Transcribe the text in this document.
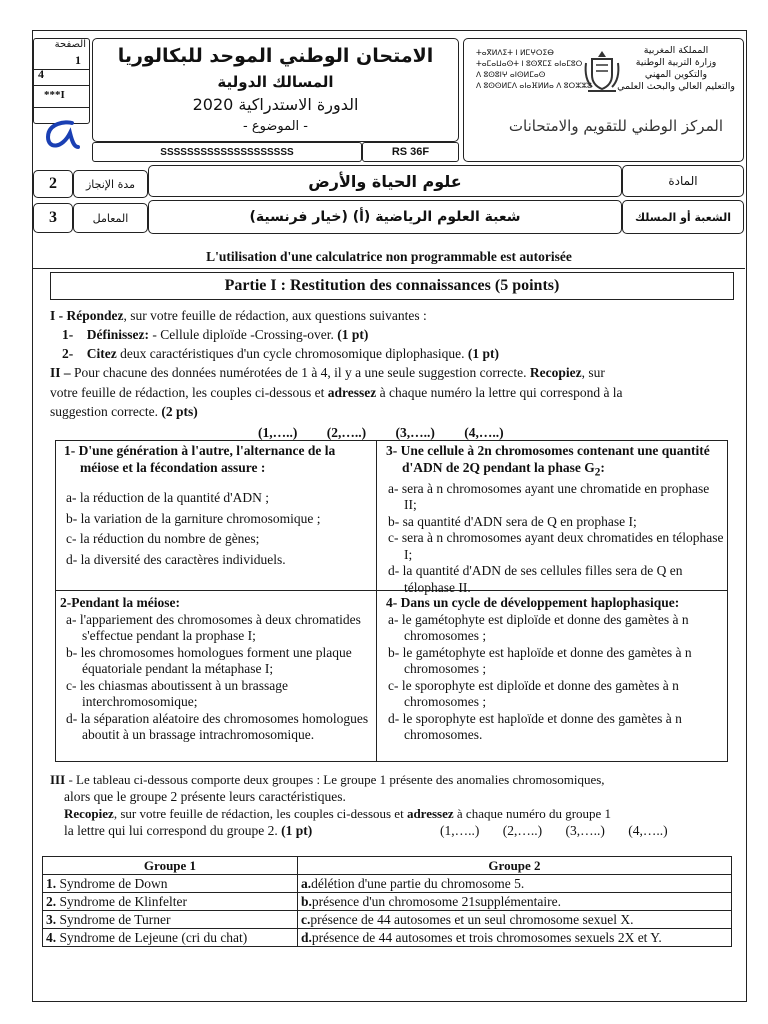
الصفحة
1
4
***I
الامتحان الوطني الموحد للبكالوريا
المسالك الدولية
الدورة الاستدراكية 2020
- الموضوع -
SSSSSSSSSSSSSSSSSSSS	RS 36F
ⵜⴰⴳⵍⴷⵉⵜ ⵏ ⵍⵎⵖⵔⵉⴱ
ⵜⴰⵎⴰⵡⴰⵙⵜ ⵏ ⵓⵙⴳⵎⵉ ⴰⵏⴰⵎⵓⵔ
ⴷ ⵓⵙⵓⵏⵖ ⴰⵏⵙⵍⵎⴰⵙ
ⴷ ⵓⵙⵙⵍⵎⴷ ⴰⵏⴰⴼⵍⵍⴰ ⴷ ⵓⵔⵣⵣⵓ
المملكة المغربية
وزارة التربية الوطنية
والتكوين المهني
والتعليم العالي والبحث العلمي
المركز الوطني للتقويم والامتحانات
2	مدة الإنجاز	علوم الحياة والأرض	المادة
3	المعامل	شعبة العلوم الرياضية (أ) (خيار فرنسية)	الشعبة أو المسلك
L'utilisation d'une calculatrice non programmable est autorisée
Partie I : Restitution des connaissances (5 points)
I - Répondez, sur votre feuille de rédaction, aux questions suivantes :
1- Définissez: - Cellule diploïde -Crossing-over. (1 pt)
2- Citez deux caractéristiques d'un cycle chromosomique diplophasique. (1 pt)
II – Pour chacune des données numérotées de 1 à 4, il y a une seule suggestion correcte. Recopiez, sur
votre feuille de rédaction, les couples ci-dessous et adressez à chaque numéro la lettre qui correspond à la
suggestion correcte. (2 pts)
(1,…..) (2,…..) (3,…..) (4,…..)

1- D'une génération à l'autre, l'alternance de la méiose et la fécondation assure :

a- la réduction de la quantité d'ADN ;

b- la variation de la garniture chromosomique ;

c- la réduction du nombre de gènes;

d- la diversité des caractères individuels.

2-Pendant la méiose:

a- l'appariement des chromosomes à deux chromatides s'effectue pendant la prophase I;

b- les chromosomes homologues forment une plaque équatoriale pendant la métaphase I;

c- les chiasmas aboutissent à un brassage interchromosomique;

d- la séparation aléatoire des chromosomes homologues aboutit à un brassage intrachromosomique.

3- Une cellule à 2n chromosomes contenant une quantité d'ADN de 2Q pendant la phase $G_2$:

a- sera à n chromosomes ayant une chromatide en prophase II;

b- sa quantité d'ADN sera de Q en prophase I;

c- sera à n chromosomes ayant deux chromatides en télophase I;

d- la quantité d'ADN de ses cellules filles sera de Q en télophase II.

4- Dans un cycle de développement haplophasique:

a- le gamétophyte est diploïde et donne des gamètes à n chromosomes ;

b- le gamétophyte est haploïde et donne des gamètes à n chromosomes ;

c- le sporophyte est diploïde et donne des gamètes à n chromosomes ;

d- le sporophyte est haploïde et donne des gamètes à n chromosomes.

III - Le tableau ci-dessous comporte deux groupes : Le groupe 1 présente des anomalies chromosomiques,
alors que le groupe 2 présente leurs caractéristiques.
Recopiez, sur votre feuille de rédaction, les couples ci-dessous et adressez à chaque numéro du groupe 1
la lettre qui lui correspond du groupe 2. (1 pt)	(1,…..) (2,…..) (3,…..) (4,…..)
Groupe 1	Groupe 2
1. Syndrome de Down	a.délétion d'une partie du chromosome 5.
2. Syndrome de Klinfelter	b.présence d'un chromosome 21supplémentaire.
3. Syndrome de Turner	c.présence de 44 autosomes et un seul chromosome sexuel X.
4. Syndrome de Lejeune (cri du chat)	d.présence de 44 autosomes et trois chromosomes sexuels 2X et Y.
